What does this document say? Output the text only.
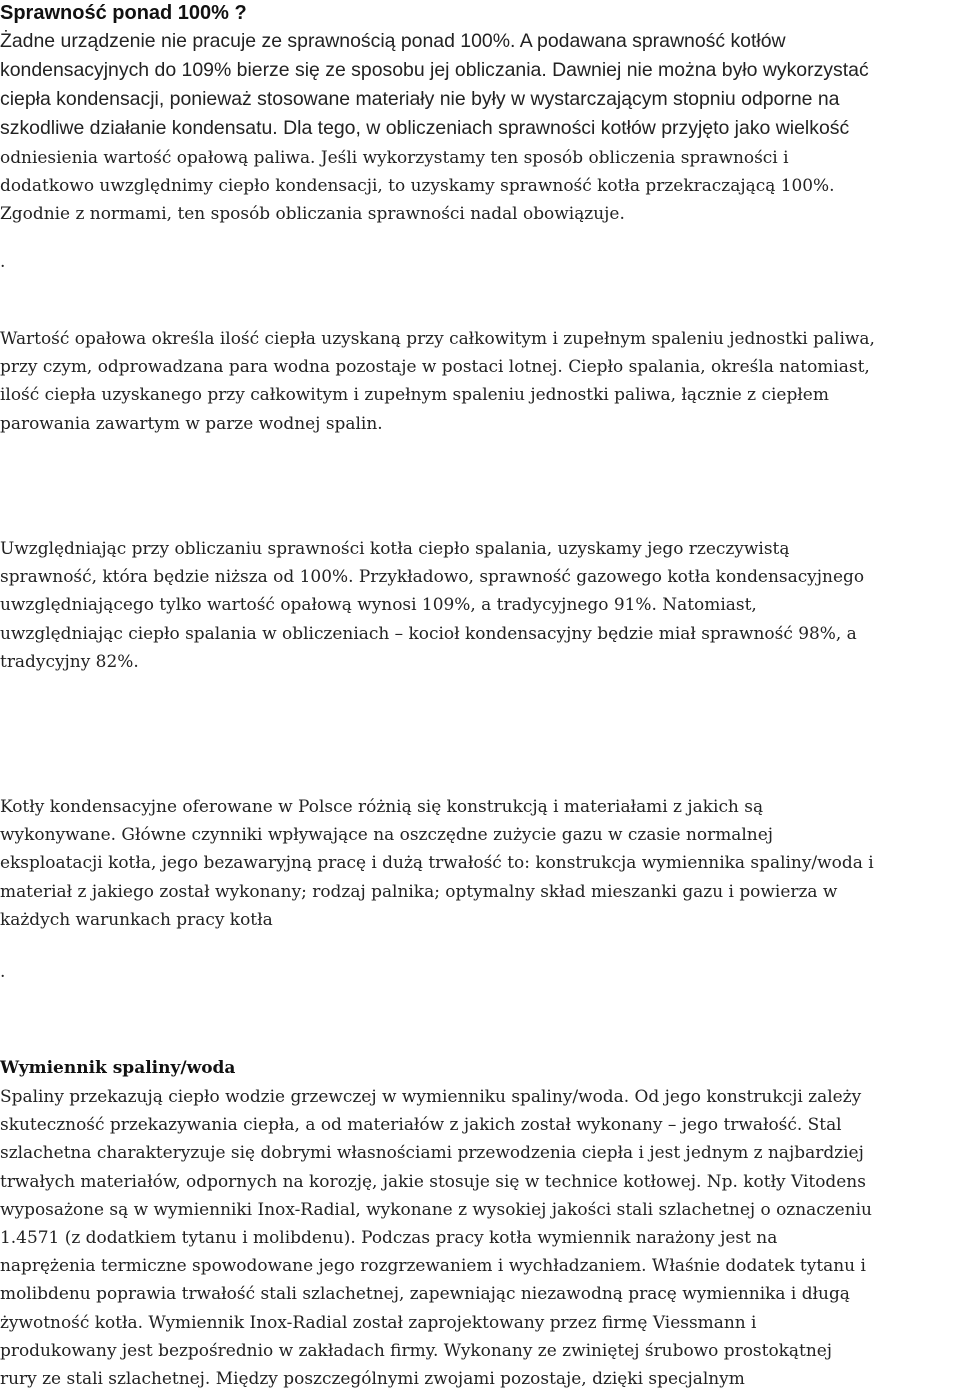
Sprawność ponad 100% ?
Żadne urządzenie nie pracuje ze sprawnością ponad 100%. A podawana sprawność kotłów
kondensacyjnych do 109% bierze się ze sposobu jej obliczania. Dawniej nie można było wykorzystać
ciepła kondensacji, ponieważ stosowane materiały nie były w wystarczającym stopniu odporne na
szkodliwe działanie kondensatu. Dla tego, w obliczeniach sprawności kotłów przyjęto jako wielkość
odniesienia wartość opałową paliwa. Jeśli wykorzystamy ten sposób obliczenia sprawności i
dodatkowo uwzględnimy ciepło kondensacji, to uzyskamy sprawność kotła przekraczającą 100%.
Zgodnie z normami, ten sposób obliczania sprawności nadal obowiązuje.
.
Wartość opałowa określa ilość ciepła uzyskaną przy całkowitym i zupełnym spaleniu jednostki paliwa,
przy czym, odprowadzana para wodna pozostaje w postaci lotnej. Ciepło spalania, określa natomiast,
ilość ciepła uzyskanego przy całkowitym i zupełnym spaleniu jednostki paliwa, łącznie z ciepłem
parowania zawartym w parze wodnej spalin.
Uwzględniając przy obliczaniu sprawności kotła ciepło spalania, uzyskamy jego rzeczywistą
sprawność, która będzie niższa od 100%. Przykładowo, sprawność gazowego kotła kondensacyjnego
uwzględniającego tylko wartość opałową wynosi 109%, a tradycyjnego 91%. Natomiast,
uwzględniając ciepło spalania w obliczeniach – kocioł kondensacyjny będzie miał sprawność 98%, a
tradycyjny 82%.
Kotły kondensacyjne oferowane w Polsce różnią się konstrukcją i materiałami z jakich są
wykonywane. Główne czynniki wpływające na oszczędne zużycie gazu w czasie normalnej
eksploatacji kotła, jego bezawaryjną pracę i dużą trwałość to: konstrukcja wymiennika spaliny/woda i
materiał z jakiego został wykonany; rodzaj palnika; optymalny skład mieszanki gazu i powierza w
każdych warunkach pracy kotła
.
Wymiennik spaliny/woda
Spaliny przekazują ciepło wodzie grzewczej w wymienniku spaliny/woda. Od jego konstrukcji zależy
skuteczność przekazywania ciepła, a od materiałów z jakich został wykonany – jego trwałość. Stal
szlachetna charakteryzuje się dobrymi własnościami przewodzenia ciepła i jest jednym z najbardziej
trwałych materiałów, odpornych na korozję, jakie stosuje się w technice kotłowej. Np. kotły Vitodens
wyposażone są w wymienniki Inox-Radial, wykonane z wysokiej jakości stali szlachetnej o oznaczeniu
1.4571 (z dodatkiem tytanu i molibdenu). Podczas pracy kotła wymiennik narażony jest na
naprężenia termiczne spowodowane jego rozgrzewaniem i wychładzaniem. Właśnie dodatek tytanu i
molibdenu poprawia trwałość stali szlachetnej, zapewniając niezawodną pracę wymiennika i długą
żywotność kotła. Wymiennik Inox-Radial został zaprojektowany przez firmę Viessmann i
produkowany jest bezpośrednio w zakładach firmy. Wykonany ze zwiniętej śrubowo prostokątnej
rury ze stali szlachetnej. Między poszczególnymi zwojami pozostaje, dzięki specjalnym
